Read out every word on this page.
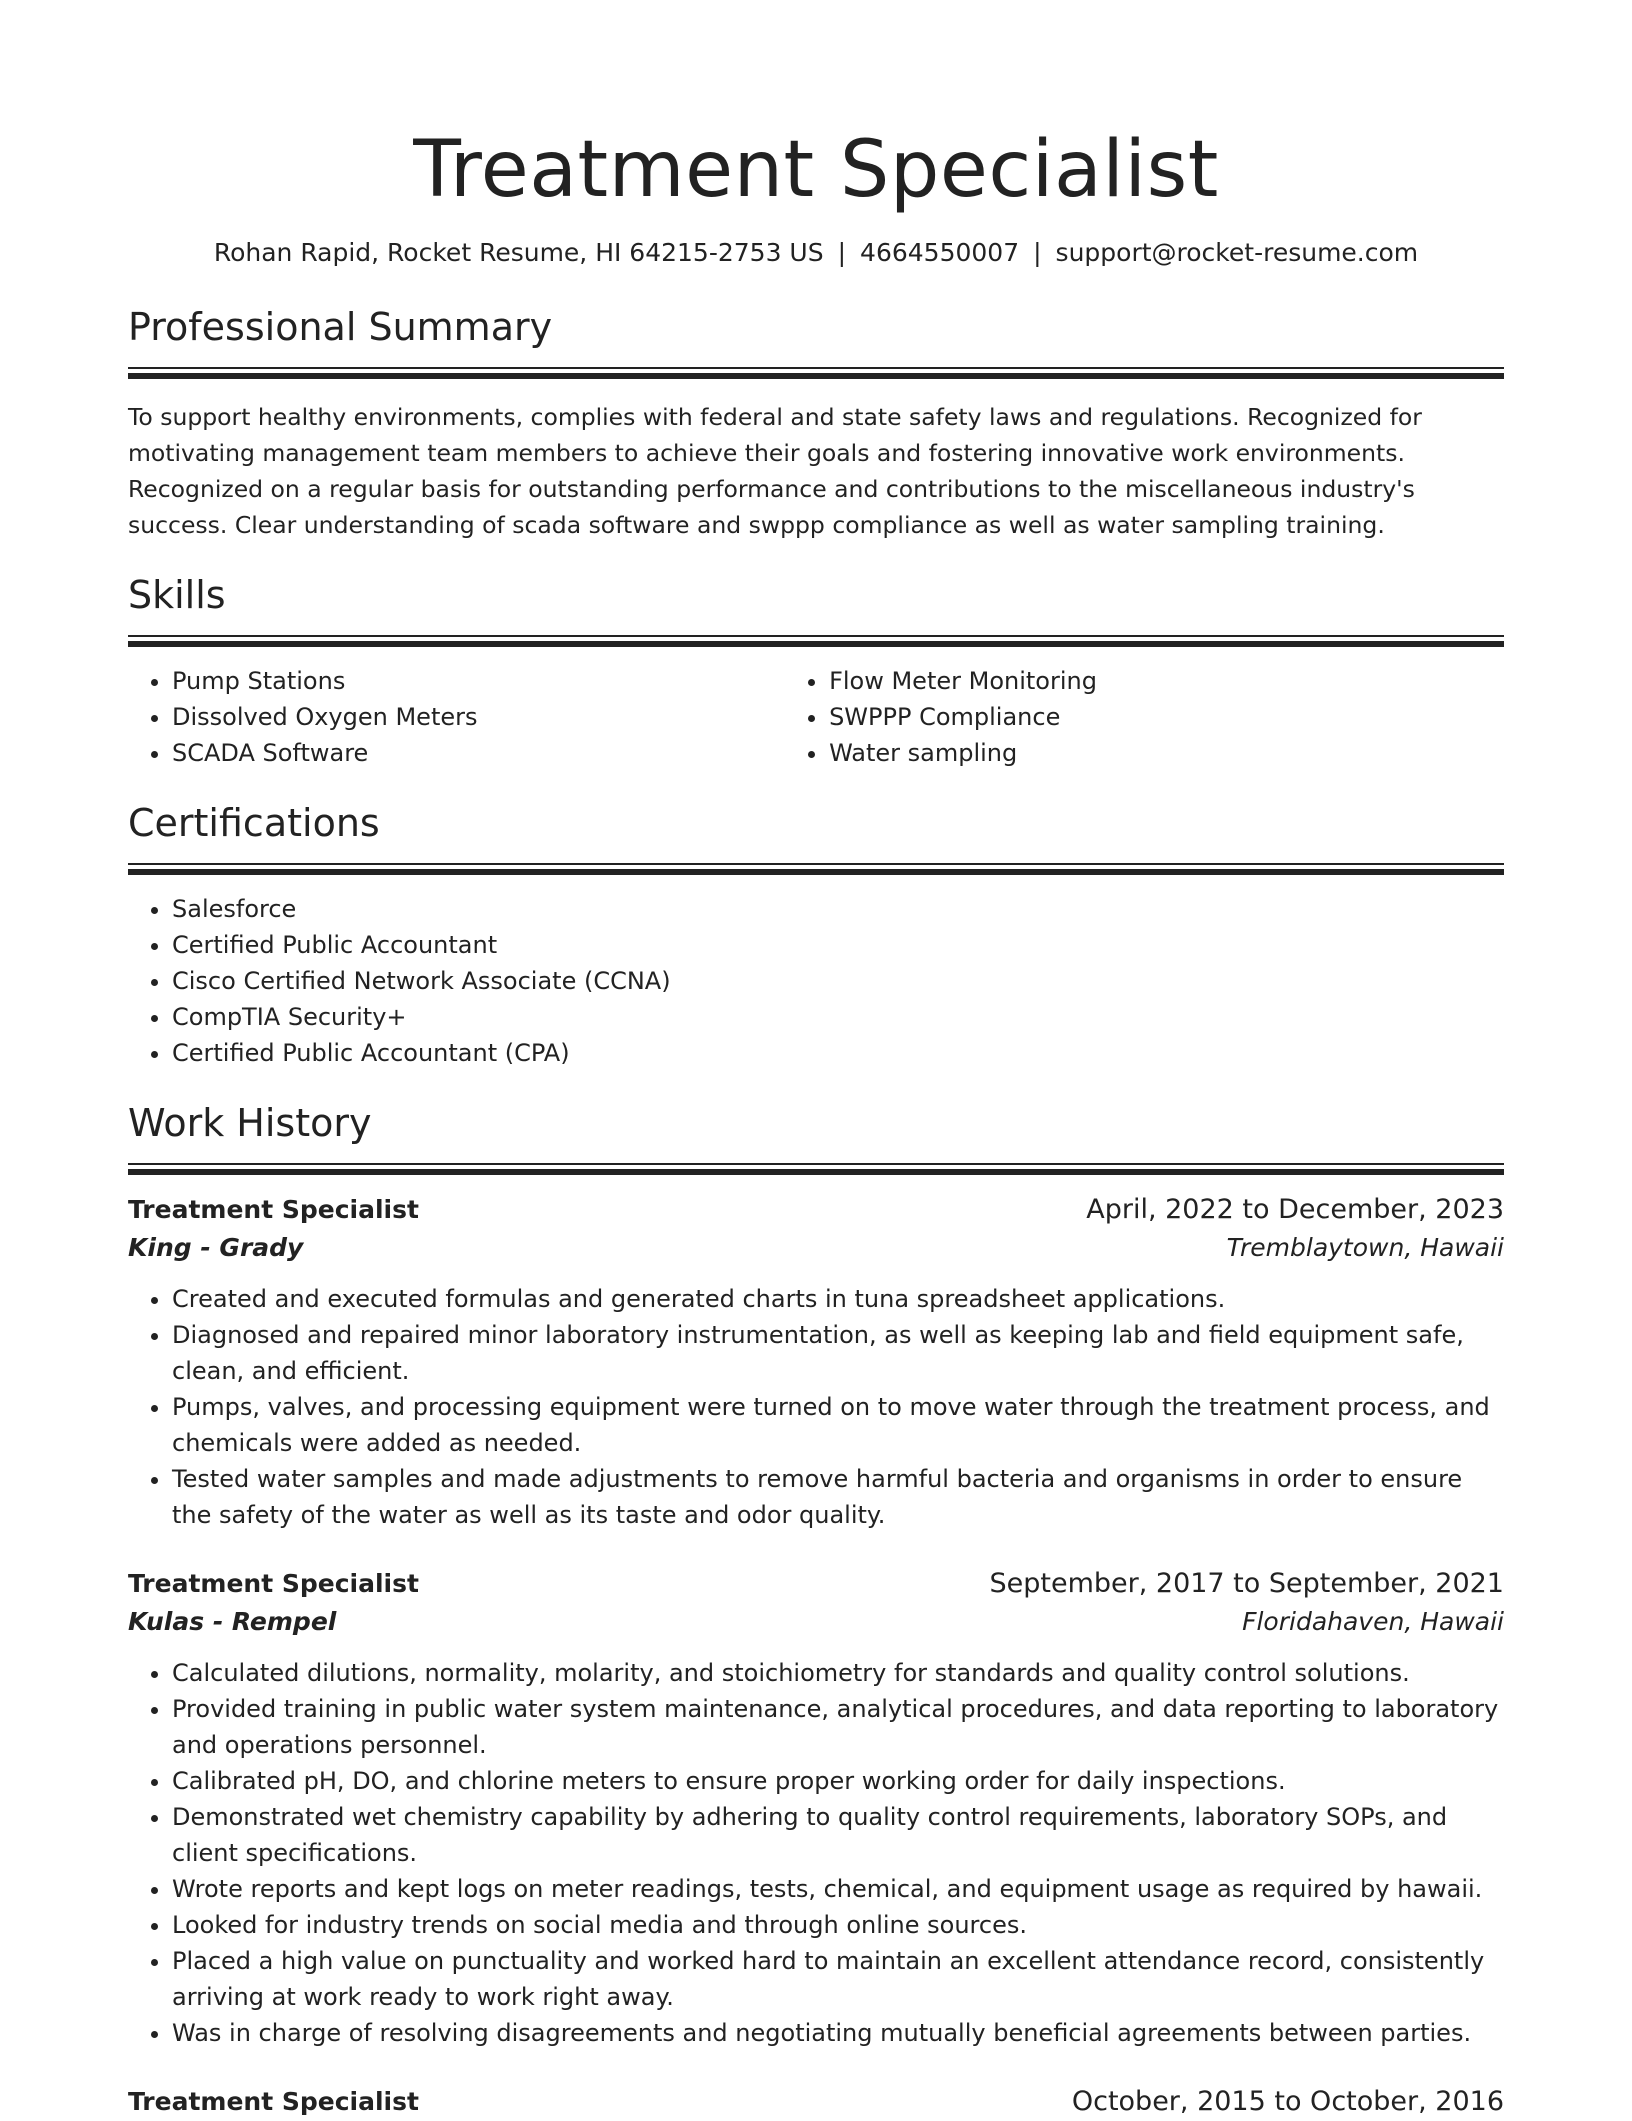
Treatment Specialist
Rohan Rapid, Rocket Resume, HI 64215-2753 US | 4664550007 | support@rocket-resume.com
Professional Summary

To support healthy environments, complies with federal and state safety laws and regulations. Recognized for motivating management team members to achieve their goals and fostering innovative work environments. Recognized on a regular basis for outstanding performance and contributions to the miscellaneous industry's success. Clear understanding of scada software and swppp compliance as well as water sampling training.

Skills
• Pump Stations
• Dissolved Oxygen Meters
• SCADA Software
• Flow Meter Monitoring
• SWPPP Compliance
• Water sampling
Certifications
• Salesforce
• Certified Public Accountant
• Cisco Certified Network Associate (CCNA)
• CompTIA Security+
• Certified Public Accountant (CPA)
Work History
Treatment Specialist	April, 2022 to December, 2023
King - Grady	Tremblaytown, Hawaii
• Created and executed formulas and generated charts in tuna spreadsheet applications.
• Diagnosed and repaired minor laboratory instrumentation, as well as keeping lab and field equipment safe, clean, and efficient.
• Pumps, valves, and processing equipment were turned on to move water through the treatment process, and chemicals were added as needed.
• Tested water samples and made adjustments to remove harmful bacteria and organisms in order to ensure the safety of the water as well as its taste and odor quality.
Treatment Specialist	September, 2017 to September, 2021
Kulas - Rempel	Floridahaven, Hawaii
• Calculated dilutions, normality, molarity, and stoichiometry for standards and quality control solutions.
• Provided training in public water system maintenance, analytical procedures, and data reporting to laboratory and operations personnel.
• Calibrated pH, DO, and chlorine meters to ensure proper working order for daily inspections.
• Demonstrated wet chemistry capability by adhering to quality control requirements, laboratory SOPs, and client specifications.
• Wrote reports and kept logs on meter readings, tests, chemical, and equipment usage as required by hawaii.
• Looked for industry trends on social media and through online sources.
• Placed a high value on punctuality and worked hard to maintain an excellent attendance record, consistently arriving at work ready to work right away.
• Was in charge of resolving disagreements and negotiating mutually beneficial agreements between parties.
Treatment Specialist	October, 2015 to October, 2016
